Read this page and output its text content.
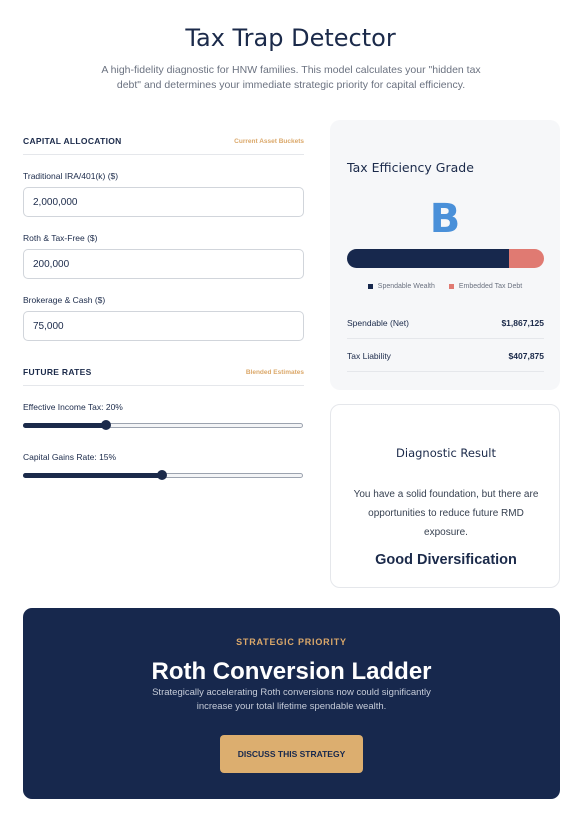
Tax Trap Detector

A high-fidelity diagnostic for HNW families. This model calculates your "hidden tax debt" and determines your immediate strategic priority for capital efficiency.

CAPITAL ALLOCATION	Current Asset Buckets
Traditional IRA/401(k) ($)
2,000,000
Roth & Tax-Free ($)
200,000
Brokerage & Cash ($)
75,000
FUTURE RATES	Blended Estimates
Effective Income Tax: 20%
Capital Gains Rate: 15%
Tax Efficiency Grade
B
Spendable Wealth	Embedded Tax Debt
Spendable (Net)	$1,867,125
Tax Liability	$407,875
Diagnostic Result
You have a solid foundation, but there are opportunities to reduce future RMD exposure.
Good Diversification
STRATEGIC PRIORITY
Roth Conversion Ladder
Strategically accelerating Roth conversions now could significantly increase your total lifetime spendable wealth.
DISCUSS THIS STRATEGY
